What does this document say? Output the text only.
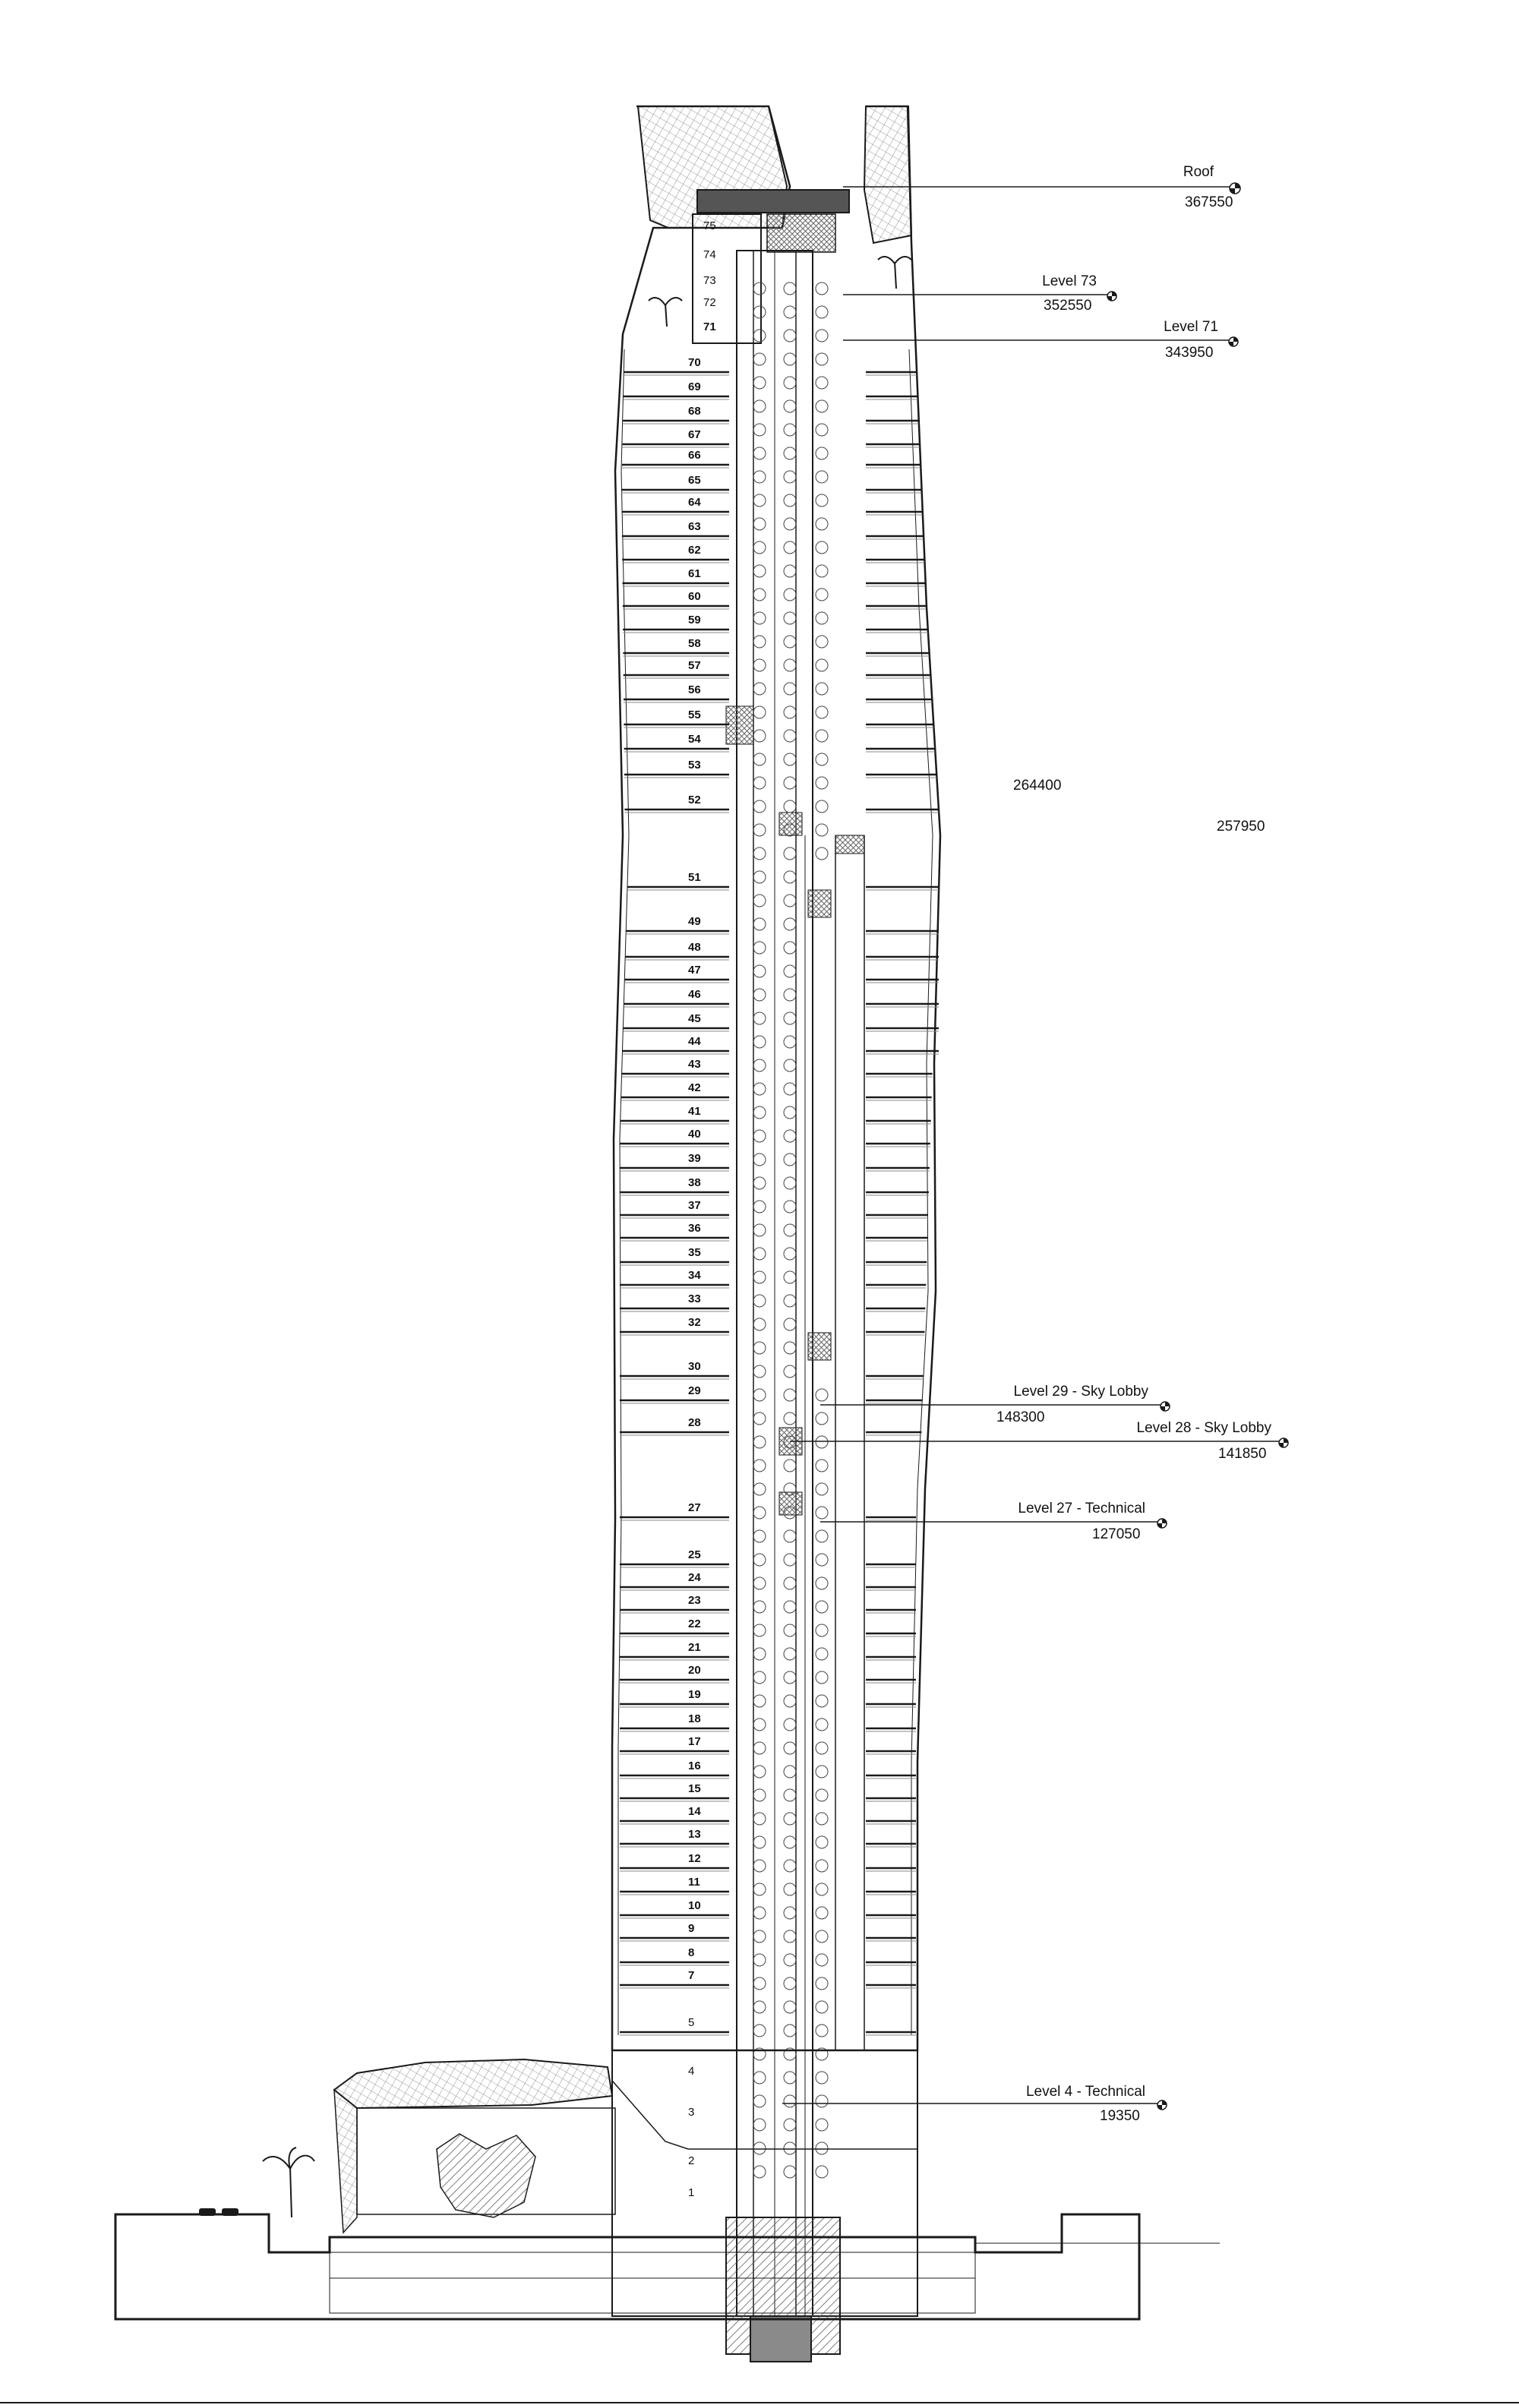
75
74
73
72
71
70
69
68
67
66
65
64
63
62
61
60
59
58
57
56
55
54
53
52
51
49
48
47
46
45
44
43
42
41
40
39
38
37
36
35
34
33
32
30
29
28
27
25
24
23
22
21
20
19
18
17
16
15
14
13
12
11
10
9
8
7
5
4
3
2
1
Roof
367550
Level 73
352550
Level 71
343950
Level 29 - Sky Lobby
148300
Level 28 - Sky Lobby
141850
Level 27 - Technical
127050
Level 4 - Technical
19350
264400
257950
